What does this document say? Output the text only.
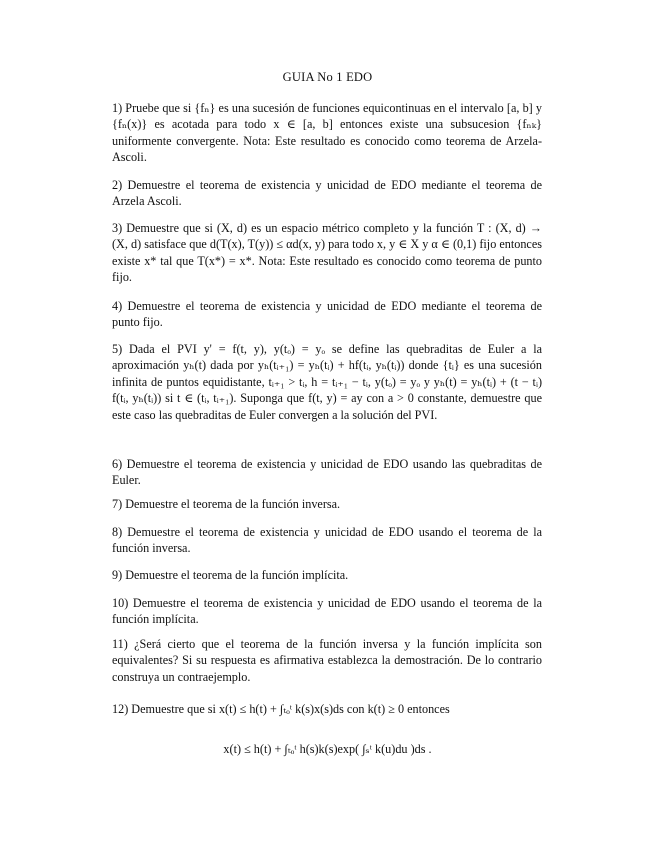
GUIA No 1 EDO
1) Pruebe que si {fₙ} es una sucesión de funciones equicontinuas en el intervalo [a, b] y {fₙ(x)} es acotada para todo x ∈ [a, b] entonces existe una subsucesion {fₙₖ} uniformente convergente. Nota: Este resultado es conocido como teorema de Arzela-Ascoli.
2) Demuestre el teorema de existencia y unicidad de EDO mediante el teorema de Arzela Ascoli.
3) Demuestre que si (X, d) es un espacio métrico completo y la función T : (X, d) → (X, d) satisface que d(T(x), T(y)) ≤ αd(x, y) para todo x, y ∈ X y α ∈ (0,1) fijo entonces existe x* tal que T(x*) = x*. Nota: Este resultado es conocido como teorema de punto fijo.
4) Demuestre el teorema de existencia y unicidad de EDO mediante el teorema de punto fijo.
5) Dada el PVI y' = f(t, y), y(tₒ) = yₒ se define las quebraditas de Euler a la aproximación yₕ(t) dada por yₕ(tᵢ₊₁) = yₕ(tᵢ) + hf(tᵢ, yₕ(tᵢ)) donde {tᵢ} es una sucesión infinita de puntos equidistante, tᵢ₊₁ > tᵢ, h = tᵢ₊₁ − tᵢ, y(tₒ) = yₒ y yₕ(t) = yₕ(tᵢ) + (t − tᵢ) f(tᵢ, yₕ(tᵢ)) si t ∈ (tᵢ, tᵢ₊₁). Suponga que f(t, y) = ay con a > 0 constante, demuestre que este caso las quebraditas de Euler convergen a la solución del PVI.
6) Demuestre el teorema de existencia y unicidad de EDO usando las quebraditas de Euler.
7) Demuestre el teorema de la función inversa.
8) Demuestre el teorema de existencia y unicidad de EDO usando el teorema de la función inversa.
9) Demuestre el teorema de la función implícita.
10) Demuestre el teorema de existencia y unicidad de EDO usando el teorema de la función implícita.
11) ¿Será cierto que el teorema de la función inversa y la función implícita son equivalentes? Si su respuesta es afirmativa establezca la demostración. De lo contrario construya un contraejemplo.
12) Demuestre que si x(t) ≤ h(t) + ∫ₜₒᵗ k(s)x(s)ds con k(t) ≥ 0 entonces
x(t) ≤ h(t) + ∫ₜₒᵗ h(s)k(s)exp( ∫ₛᵗ k(u)du )ds .
